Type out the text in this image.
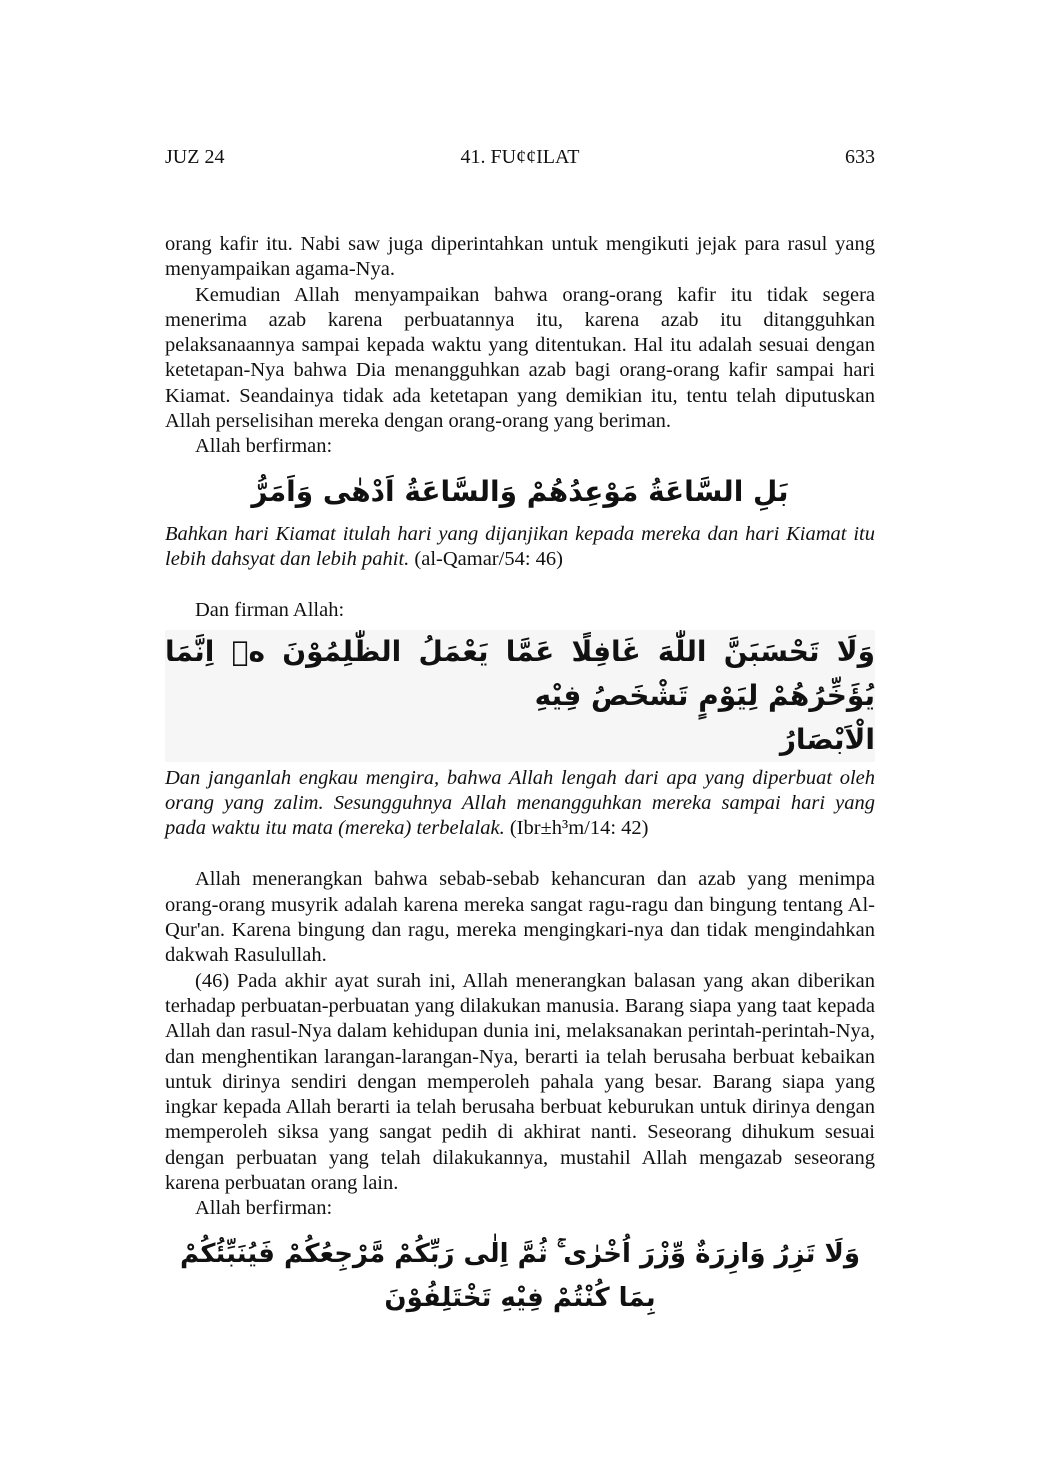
JUZ 24	41. FU¢¢ILAT	633

orang kafir itu. Nabi saw juga diperintahkan untuk mengikuti jejak para rasul yang menyampaikan agama-Nya.

Kemudian Allah menyampaikan bahwa orang-orang kafir itu tidak segera menerima azab karena perbuatannya itu, karena azab itu ditangguhkan pelaksanaannya sampai kepada waktu yang ditentukan. Hal itu adalah sesuai dengan ketetapan-Nya bahwa Dia menangguhkan azab bagi orang-orang kafir sampai hari Kiamat. Seandainya tidak ada ketetapan yang demikian itu, tentu telah diputuskan Allah perselisihan mereka dengan orang-orang yang beriman.

Allah berfirman:

بَلِ السَّاعَةُ مَوْعِدُهُمْ وَالسَّاعَةُ اَدْهٰى وَاَمَرُّ

Bahkan hari Kiamat itulah hari yang dijanjikan kepada mereka dan hari Kiamat itu lebih dahsyat dan lebih pahit. (al-Qamar/54: 46)

Dan firman Allah:

وَلَا تَحْسَبَنَّ اللّٰهَ غَافِلًا عَمَّا يَعْمَلُ الظّٰلِمُوْنَ ەۗ اِنَّمَا يُؤَخِّرُهُمْ لِيَوْمٍ تَشْخَصُ فِيْهِ
الْاَبْصَارُ

Dan janganlah engkau mengira, bahwa Allah lengah dari apa yang diperbuat oleh orang yang zalim. Sesungguhnya Allah menangguhkan mereka sampai hari yang pada waktu itu mata (mereka) terbelalak. (Ibr±h³m/14: 42)

Allah menerangkan bahwa sebab-sebab kehancuran dan azab yang menimpa orang-orang musyrik adalah karena mereka sangat ragu-ragu dan bingung tentang Al-Qur'an. Karena bingung dan ragu, mereka mengingkari-nya dan tidak mengindahkan dakwah Rasulullah.

(46) Pada akhir ayat surah ini, Allah menerangkan balasan yang akan diberikan terhadap perbuatan-perbuatan yang dilakukan manusia. Barang siapa yang taat kepada Allah dan rasul-Nya dalam kehidupan dunia ini, melaksanakan perintah-perintah-Nya, dan menghentikan larangan-larangan-Nya, berarti ia telah berusaha berbuat kebaikan untuk dirinya sendiri dengan memperoleh pahala yang besar. Barang siapa yang ingkar kepada Allah berarti ia telah berusaha berbuat keburukan untuk dirinya dengan memperoleh siksa yang sangat pedih di akhirat nanti. Seseorang dihukum sesuai dengan perbuatan yang telah dilakukannya, mustahil Allah mengazab seseorang karena perbuatan orang lain.

Allah berfirman:

وَلَا تَزِرُ وَازِرَةٌ وِّزْرَ اُخْرٰى ۚ ثُمَّ اِلٰى رَبِّكُمْ مَّرْجِعُكُمْ فَيُنَبِّئُكُمْ بِمَا كُنْتُمْ فِيْهِ تَخْتَلِفُوْنَ
